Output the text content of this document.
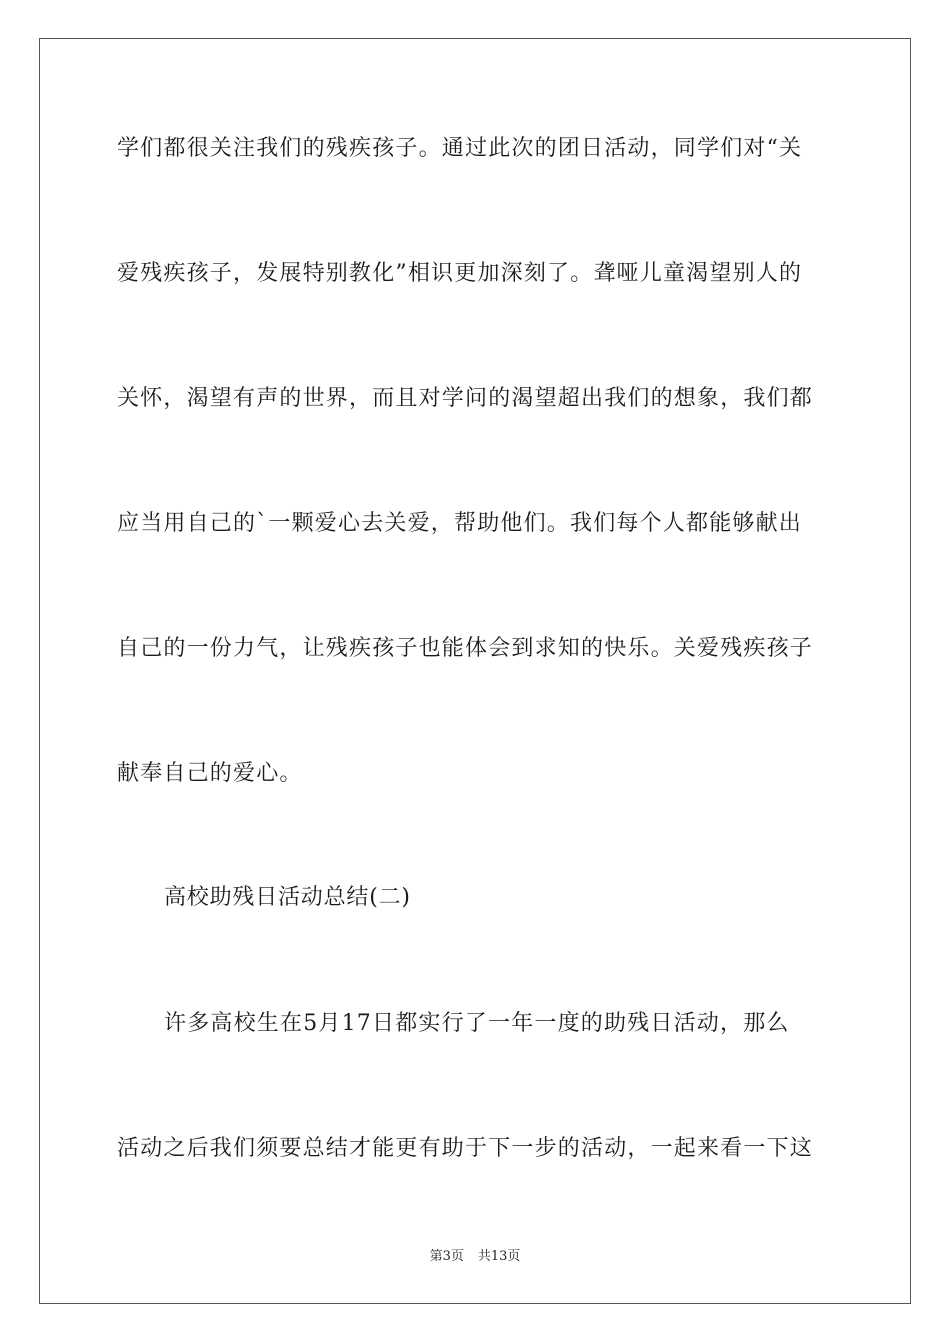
学们都很关注我们的残疾孩子。通过此次的团日活动，同学们对“关
爱残疾孩子，发展特别教化”相识更加深刻了。聋哑儿童渴望别人的
关怀，渴望有声的世界，而且对学问的渴望超出我们的想象，我们都
应当用自己的`一颗爱心去关爱，帮助他们。我们每个人都能够献出
自己的一份力气，让残疾孩子也能体会到求知的快乐。关爱残疾孩子
献奉自己的爱心。
高校助残日活动总结(二)
许多高校生在5月17日都实行了一年一度的助残日活动，那么
活动之后我们须要总结才能更有助于下一步的活动，一起来看一下这
第3页 共13页
